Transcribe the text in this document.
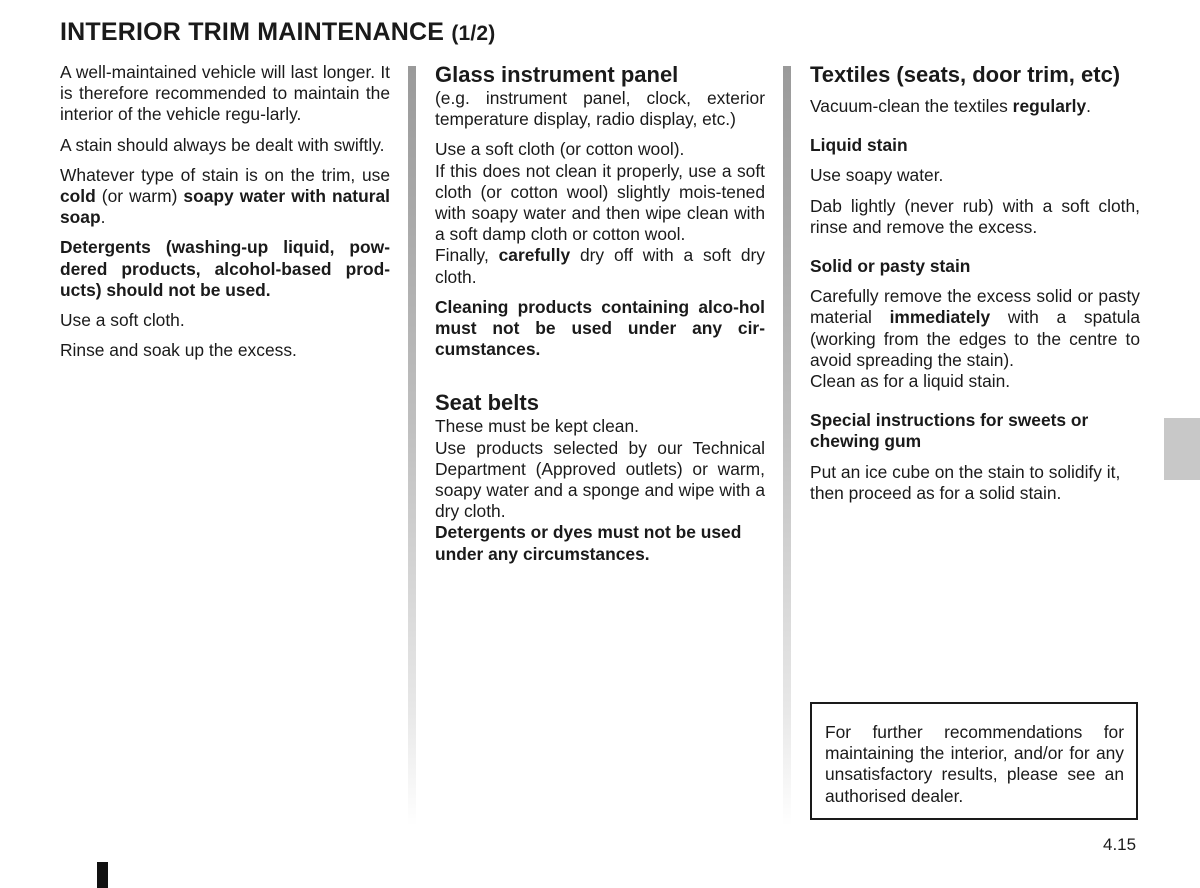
INTERIOR TRIM MAINTENANCE (1/2)

A well-maintained vehicle will last longer. It is therefore recommended to maintain the interior of the vehicle regu-larly.

A stain should always be dealt with swiftly.

Whatever type of stain is on the trim, use cold (or warm) soapy water with natural soap.

Detergents (washing-up liquid, pow-dered products, alcohol-based prod-ucts) should not be used.

Use a soft cloth.

Rinse and soak up the excess.

Glass instrument panel

(e.g. instrument panel, clock, exterior temperature display, radio display, etc.)

Use a soft cloth (or cotton wool).

If this does not clean it properly, use a soft cloth (or cotton wool) slightly mois-tened with soapy water and then wipe clean with a soft damp cloth or cotton wool.

Finally, carefully dry off with a soft dry cloth.

Cleaning products containing alco-hol must not be used under any cir-cumstances.

Seat belts

These must be kept clean.

Use products selected by our Technical Department (Approved outlets) or warm, soapy water and a sponge and wipe with a dry cloth.

Detergents or dyes must not be used under any circumstances.

Textiles (seats, door trim, etc)

Vacuum-clean the textiles regularly.

Liquid stain

Use soapy water.

Dab lightly (never rub) with a soft cloth, rinse and remove the excess.

Solid or pasty stain

Carefully remove the excess solid or pasty material immediately with a spatula (working from the edges to the centre to avoid spreading the stain).

Clean as for a liquid stain.

Special instructions for sweets or chewing gum

Put an ice cube on the stain to solidify it, then proceed as for a solid stain.

For further recommendations for maintaining the interior, and/or for any unsatisfactory results, please see an authorised dealer.

4.15
